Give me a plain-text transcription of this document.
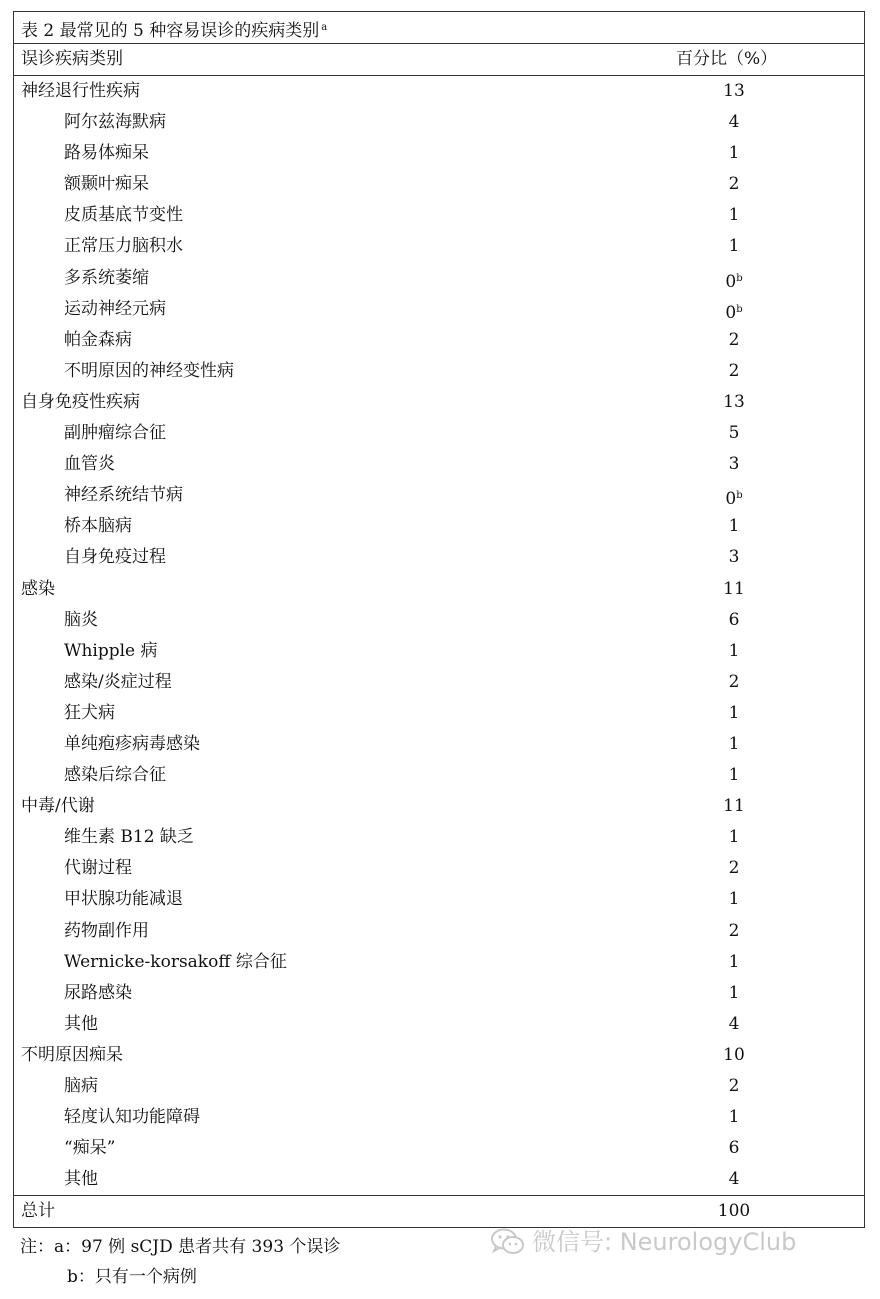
表 2 最常见的 5 种容易误诊的疾病类别 $^a$
误诊疾病类别	百分比（%）
神经退行性疾病	13
阿尔兹海默病	4
路易体痴呆	1
额颞叶痴呆	2
皮质基底节变性	1
正常压力脑积水	1
多系统萎缩	0$^b$
运动神经元病	0$^b$
帕金森病	2
不明原因的神经变性病	2
自身免疫性疾病	13
副肿瘤综合征	5
血管炎	3
神经系统结节病	0$^b$
桥本脑病	1
自身免疫过程	3
感染	11
脑炎	6
Whipple 病	1
感染/炎症过程	2
狂犬病	1
单纯疱疹病毒感染	1
感染后综合征	1
中毒/代谢	11
维生素 B12 缺乏	1
代谢过程	2
甲状腺功能减退	1
药物副作用	2
Wernicke-korsakoff 综合征	1
尿路感染	1
其他	4
不明原因痴呆	10
脑病	2
轻度认知功能障碍	1
“痴呆”	6
其他	4
总计	100
注：a：97 例 sCJD 患者共有 393 个误诊
b：只有一个病例
微信号: NeurologyClub
